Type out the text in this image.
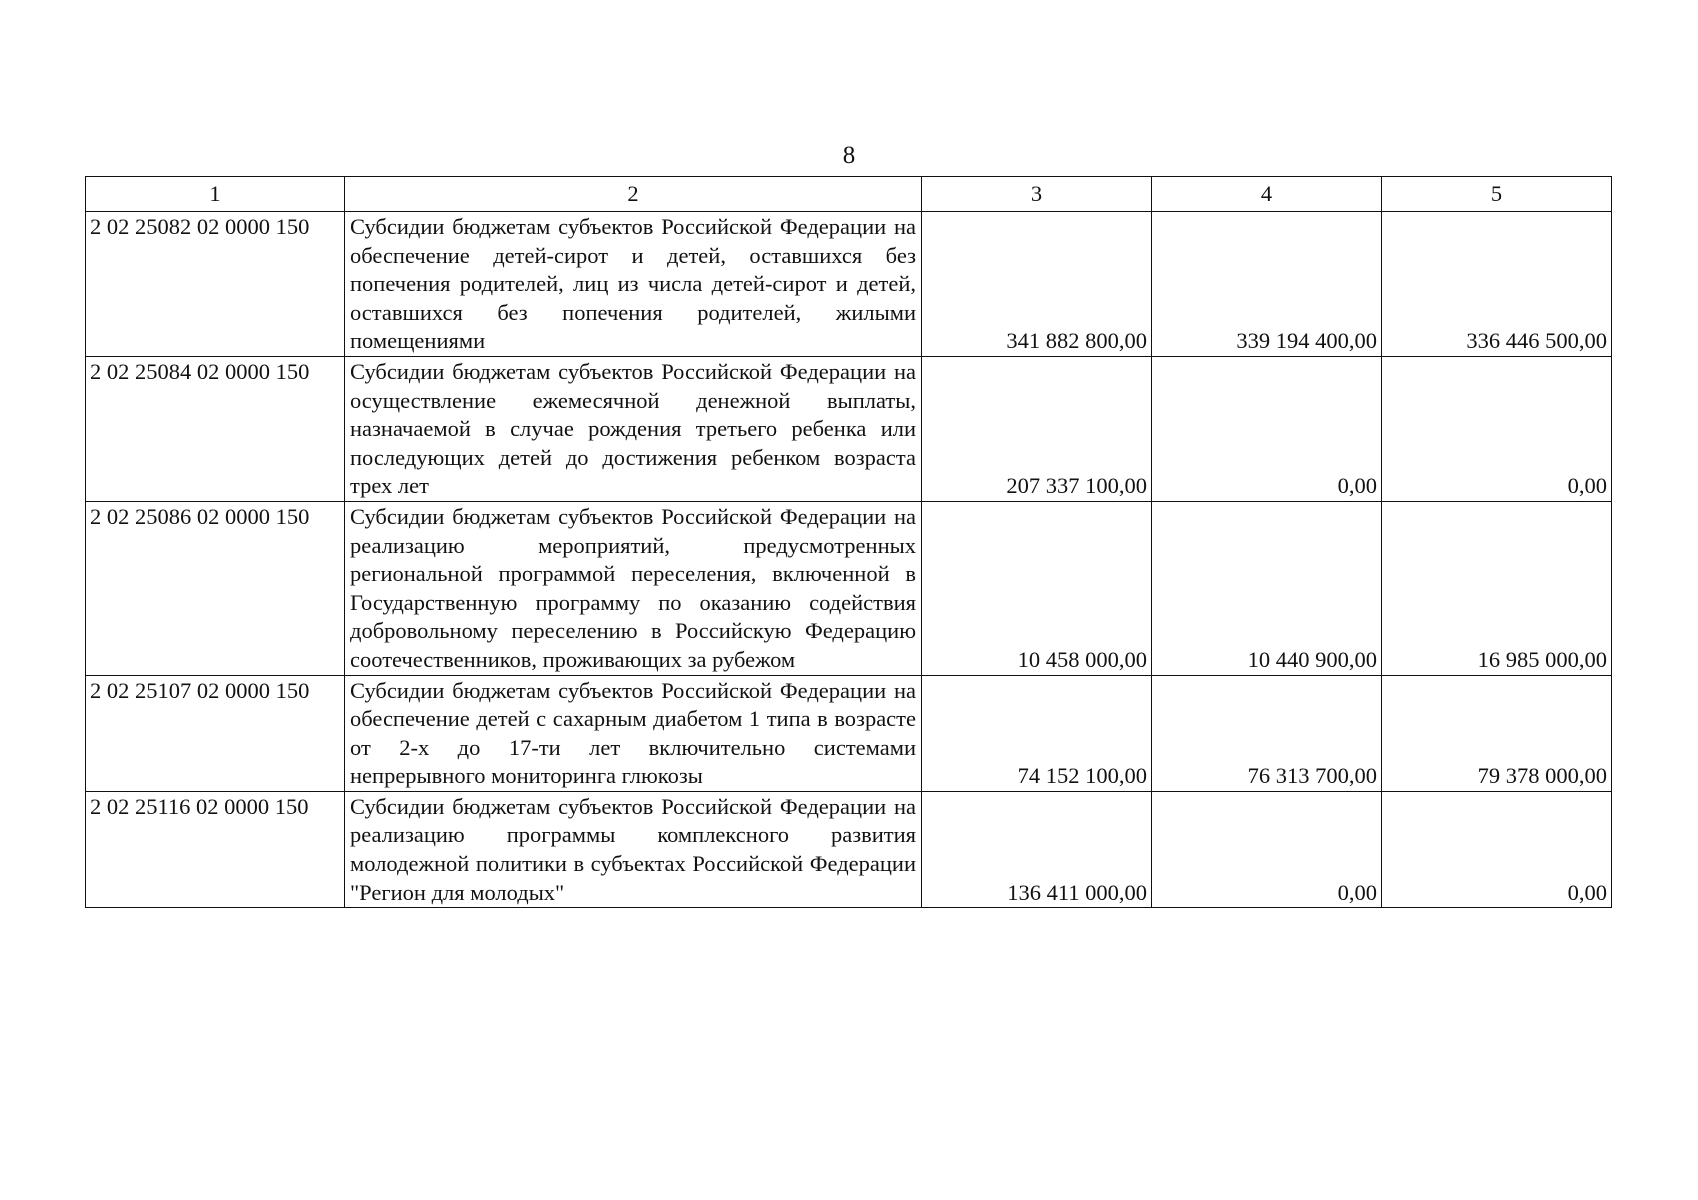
8
1	2	3	4	5
2 02 25082 02 0000 150	Субсидии бюджетам субъектов Российской Федерации на обеспечение детей-сирот и детей, оставшихся без попечения родителей, лиц из числа детей-сирот и детей, оставшихся без попечения родителей, жилыми помещениями	341 882 800,00	339 194 400,00	336 446 500,00
2 02 25084 02 0000 150	Субсидии бюджетам субъектов Российской Федерации на осуществление ежемесячной денежной выплаты, назначаемой в случае рождения третьего ребенка или последующих детей до достижения ребенком возраста трех лет	207 337 100,00	0,00	0,00
2 02 25086 02 0000 150	Субсидии бюджетам субъектов Российской Федерации на реализацию мероприятий, предусмотренных региональной программой переселения, включенной в Государственную программу по оказанию содействия добровольному переселению в Российскую Федерацию соотечественников, проживающих за рубежом	10 458 000,00	10 440 900,00	16 985 000,00
2 02 25107 02 0000 150	Субсидии бюджетам субъектов Российской Федерации на обеспечение детей с сахарным диабетом 1 типа в возрасте от 2-х до 17-ти лет включительно системами непрерывного мониторинга глюкозы	74 152 100,00	76 313 700,00	79 378 000,00
2 02 25116 02 0000 150	Субсидии бюджетам субъектов Российской Федерации на реализацию программы комплексного развития молодежной политики в субъектах Российской Федерации "Регион для молодых"	136 411 000,00	0,00	0,00
